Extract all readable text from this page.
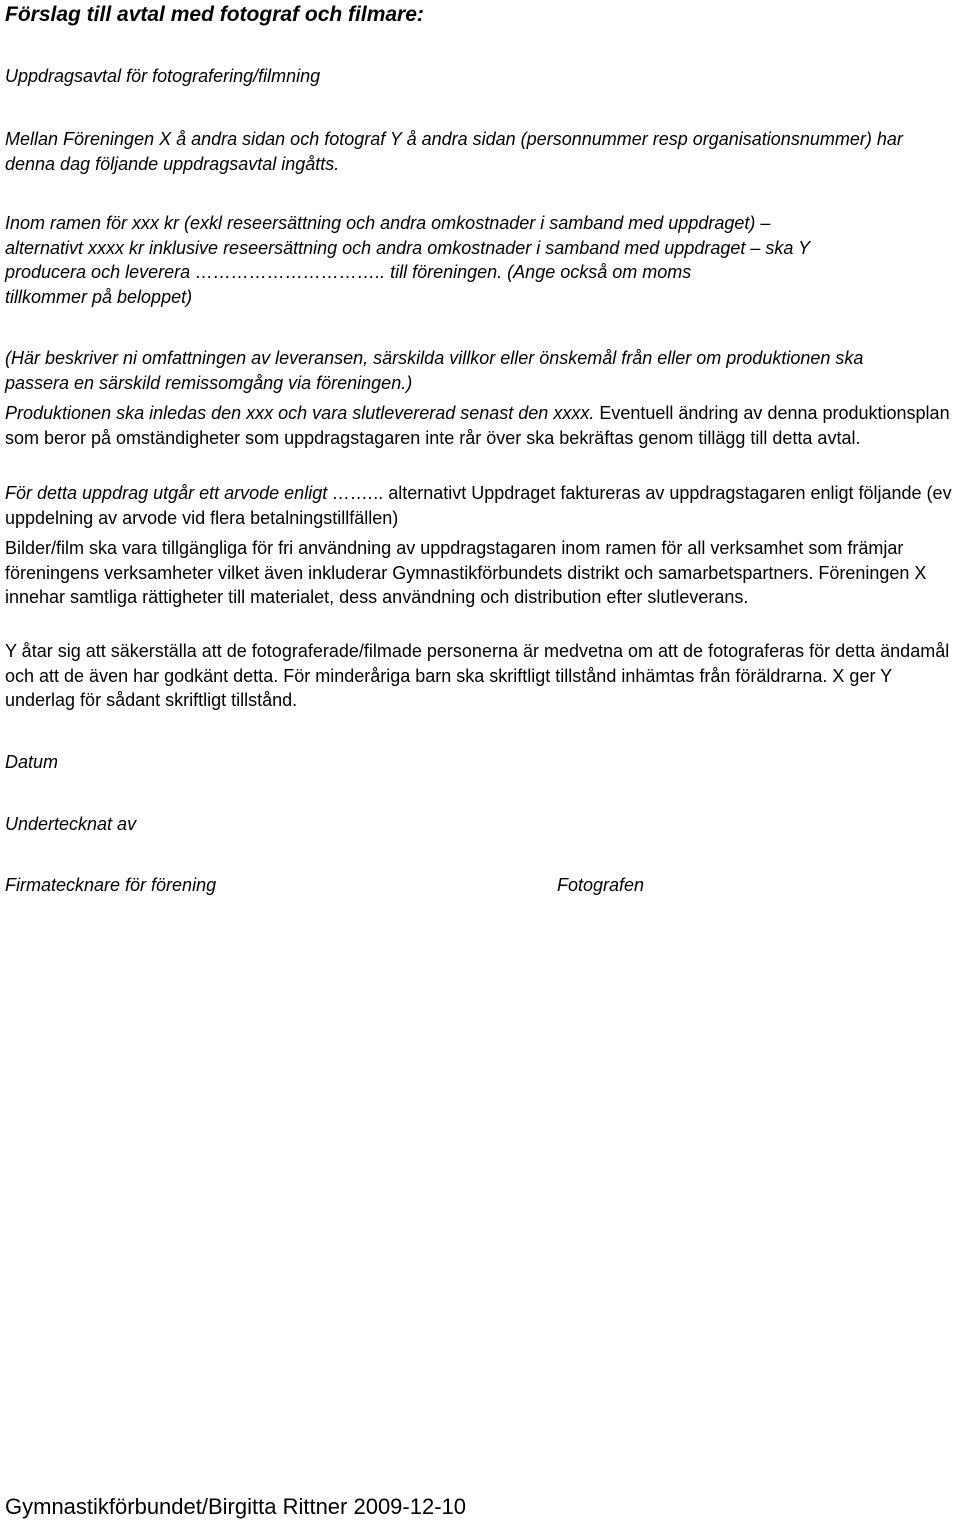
Förslag till avtal med fotograf och filmare:

Uppdragsavtal för fotografering/filmning

Mellan Föreningen X å andra sidan och fotograf Y å andra sidan (personnummer resp organisationsnummer) har denna dag följande uppdragsavtal ingåtts.

Inom ramen för xxx kr (exkl reseersättning och andra omkostnader i samband med uppdraget) –
alternativt xxxx kr inklusive reseersättning och andra omkostnader i samband med uppdraget – ska Y
producera och leverera ………………………….. till föreningen. (Ange också om moms
tillkommer på beloppet)

(Här beskriver ni omfattningen av leveransen, särskilda villkor eller önskemål från eller om produktionen ska passera en särskild remissomgång via föreningen.)

Produktionen ska inledas den xxx och vara slutlevererad senast den xxxx. Eventuell ändring av denna produktionsplan som beror på omständigheter som uppdragstagaren inte rår över ska bekräftas genom tillägg till detta avtal.

För detta uppdrag utgår ett arvode enligt ……... alternativt Uppdraget faktureras av uppdragstagaren enligt följande (ev uppdelning av arvode vid flera betalningstillfällen)

Bilder/film ska vara tillgängliga för fri användning av uppdragstagaren inom ramen för all verksamhet som främjar föreningens verksamheter vilket även inkluderar Gymnastikförbundets distrikt och samarbetspartners. Föreningen X innehar samtliga rättigheter till materialet, dess användning och distribution efter slutleverans.

Y åtar sig att säkerställa att de fotograferade/filmade personerna är medvetna om att de fotograferas för detta ändamål och att de även har godkänt detta. För minderåriga barn ska skriftligt tillstånd inhämtas från föräldrarna. X ger Y underlag för sådant skriftligt tillstånd.

Datum

Undertecknat av

Firmatecknare för förening	Fotografen
Gymnastikförbundet/Birgitta Rittner 2009-12-10
